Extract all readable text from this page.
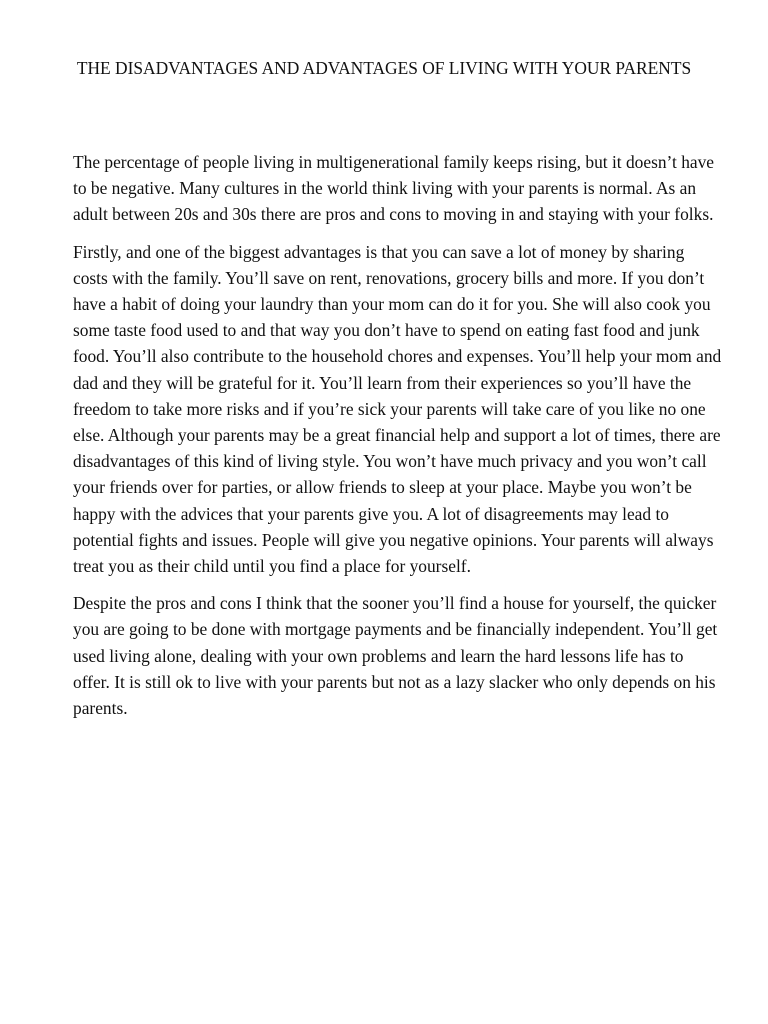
THE DISADVANTAGES AND ADVANTAGES OF LIVING WITH YOUR PARENTS

The percentage of people living in multigenerational family keeps rising, but it doesn’t have to be negative. Many cultures in the world think living with your parents is normal. As an adult between 20s and 30s there are pros and cons to moving in and staying with your folks.

Firstly, and one of the biggest advantages is that you can save a lot of money by sharing costs with the family. You’ll save on rent, renovations, grocery bills and more. If you don’t have a habit of doing your laundry than your mom can do it for you. She will also cook you some taste food used to and that way you don’t have to spend on eating fast food and junk food. You’ll also contribute to the household chores and expenses. You’ll help your mom and dad and they will be grateful for it. You’ll learn from their experiences so you’ll have the freedom to take more risks and if you’re sick your parents will take care of you like no one else. Although your parents may be a great financial help and support a lot of times, there are disadvantages of this kind of living style. You won’t have much privacy and you won’t call your friends over for parties, or allow friends to sleep at your place. Maybe you won’t be happy with the advices that your parents give you. A lot of disagreements may lead to potential fights and issues. People will give you negative opinions. Your parents will always treat you as their child until you find a place for yourself.

Despite the pros and cons I think that the sooner you’ll find a house for yourself, the quicker you are going to be done with mortgage payments and be financially independent. You’ll get used living alone, dealing with your own problems and learn the hard lessons life has to offer. It is still ok to live with your parents but not as a lazy slacker who only depends on his parents.
